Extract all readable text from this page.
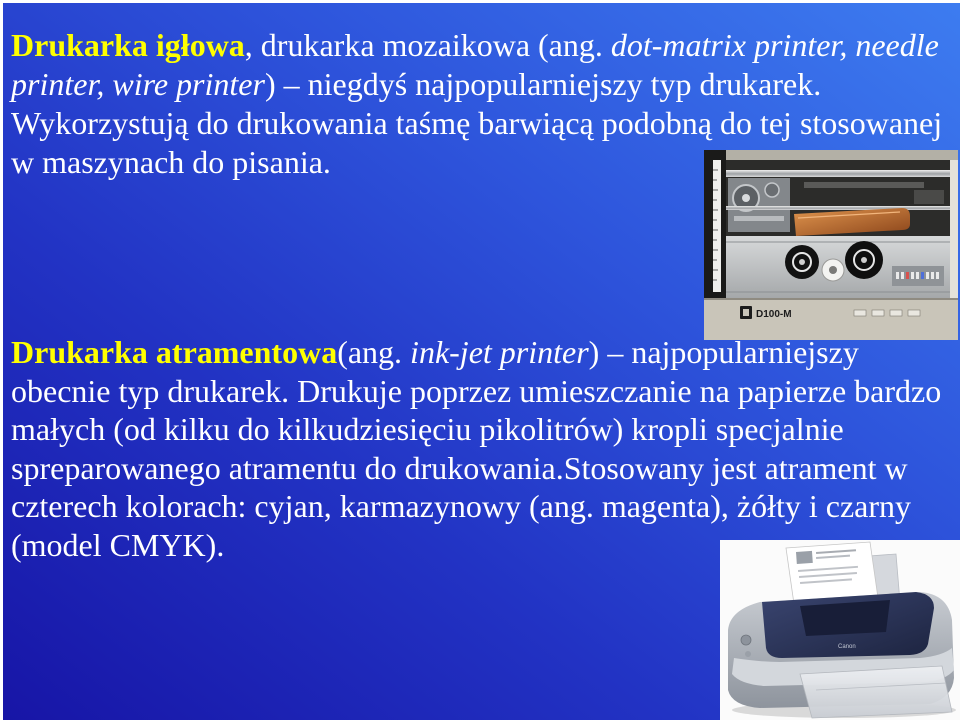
D100-M
Canon
Drukarka igłowa, drukarka mozaikowa (ang. dot-matrix printer, needle
printer, wire printer) – niegdyś najpopularniejszy typ drukarek.
Wykorzystują do drukowania taśmę barwiącą podobną do tej stosowanej
w maszynach do pisania.
Drukarka atramentowa(ang. ink-jet printer) – najpopularniejszy
obecnie typ drukarek. Drukuje poprzez umieszczanie na papierze bardzo
małych (od kilku do kilkudziesięciu pikolitrów) kropli specjalnie
spreparowanego atramentu do drukowania.Stosowany jest atrament w
czterech kolorach: cyjan, karmazynowy (ang. magenta), żółty i czarny
(model CMYK).
